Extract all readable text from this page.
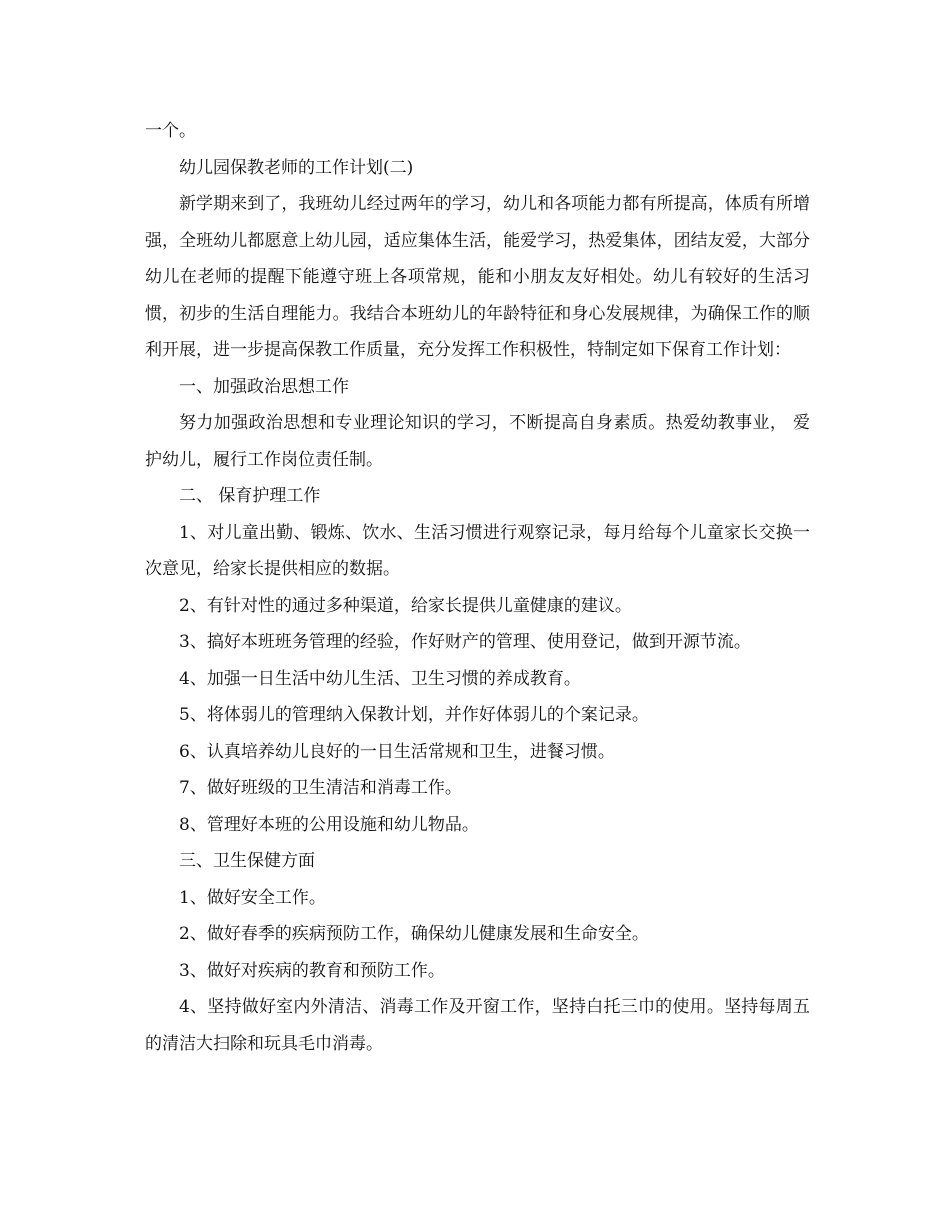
一个。

幼儿园保教老师的工作计划(二)

新学期来到了，我班幼儿经过两年的学习，幼儿和各项能力都有所提高，体质有所增强，全班幼儿都愿意上幼儿园，适应集体生活，能爱学习，热爱集体，团结友爱，大部分幼儿在老师的提醒下能遵守班上各项常规，能和小朋友友好相处。幼儿有较好的生活习惯，初步的生活自理能力。我结合本班幼儿的年龄特征和身心发展规律，为确保工作的顺利开展，进一步提高保教工作质量，充分发挥工作积极性，特制定如下保育工作计划：

一、加强政治思想工作

努力加强政治思想和专业理论知识的学习，不断提高自身素质。热爱幼教事业， 爱护幼儿，履行工作岗位责任制。

二、 保育护理工作

1、对儿童出勤、锻炼、饮水、生活习惯进行观察记录，每月给每个儿童家长交换一次意见，给家长提供相应的数据。

2、有针对性的通过多种渠道，给家长提供儿童健康的建议。

3、搞好本班班务管理的经验，作好财产的管理、使用登记，做到开源节流。

4、加强一日生活中幼儿生活、卫生习惯的养成教育。

5、将体弱儿的管理纳入保教计划，并作好体弱儿的个案记录。

6、认真培养幼儿良好的一日生活常规和卫生，进餐习惯。

7、做好班级的卫生清洁和消毒工作。

8、管理好本班的公用设施和幼儿物品。

三、卫生保健方面

1、做好安全工作。

2、做好春季的疾病预防工作，确保幼儿健康发展和生命安全。

3、做好对疾病的教育和预防工作。

4、坚持做好室内外清洁、消毒工作及开窗工作，坚持白托三巾的使用。坚持每周五的清洁大扫除和玩具毛巾消毒。
